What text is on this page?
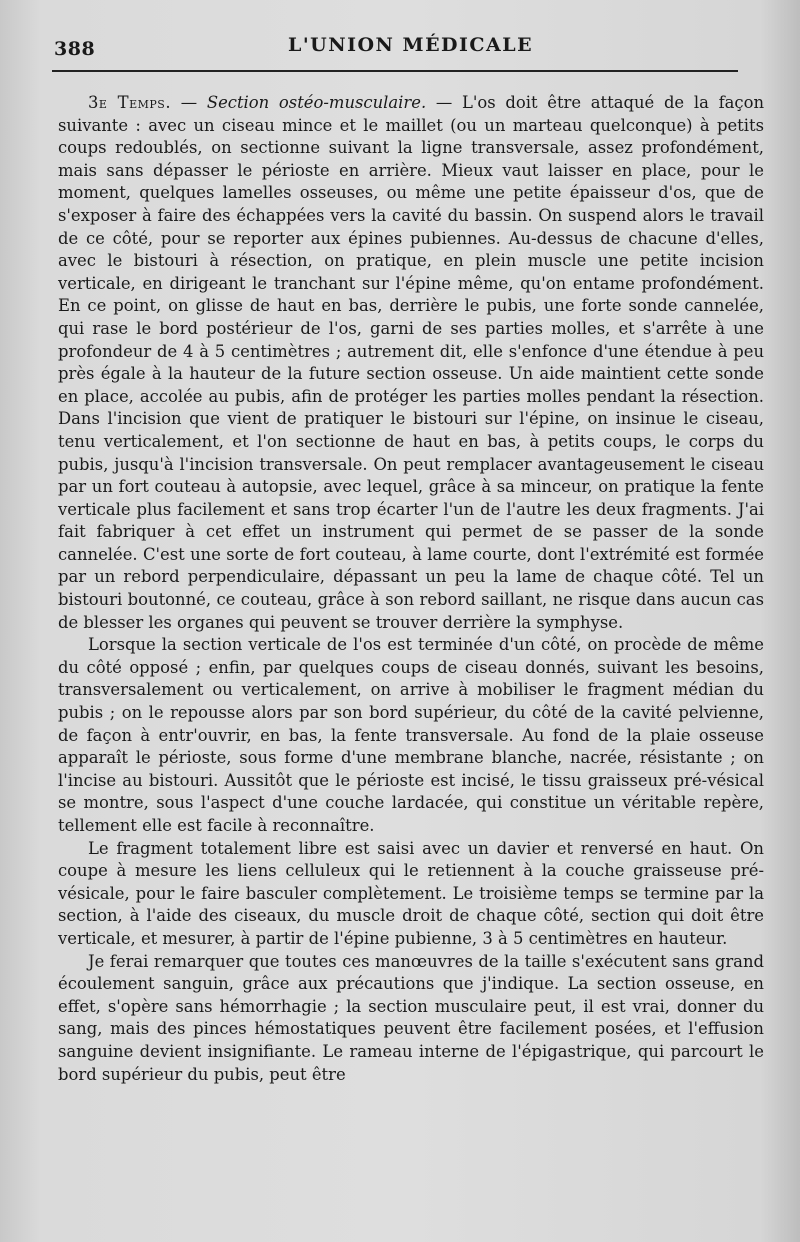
388	L'UNION MÉDICALE

3e Temps. — Section ostéo-musculaire. — L'os doit être attaqué de la façon suivante : avec un ciseau mince et le maillet (ou un marteau quelconque) à petits coups redoublés, on sectionne suivant la ligne transversale, assez profondément, mais sans dépasser le périoste en arrière. Mieux vaut laisser en place, pour le moment, quelques lamelles osseuses, ou même une petite épaisseur d'os, que de s'exposer à faire des échappées vers la cavité du bassin. On suspend alors le travail de ce côté, pour se reporter aux épines pubiennes. Au-dessus de chacune d'elles, avec le bistouri à résection, on pratique, en plein muscle une petite incision verticale, en dirigeant le tranchant sur l'épine même, qu'on entame profondément. En ce point, on glisse de haut en bas, derrière le pubis, une forte sonde cannelée, qui rase le bord postérieur de l'os, garni de ses parties molles, et s'arrête à une profondeur de 4 à 5 centimètres ; autrement dit, elle s'enfonce d'une étendue à peu près égale à la hauteur de la future section osseuse. Un aide maintient cette sonde en place, accolée au pubis, afin de protéger les parties molles pendant la résection. Dans l'incision que vient de pratiquer le bistouri sur l'épine, on insinue le ciseau, tenu verticalement, et l'on sectionne de haut en bas, à petits coups, le corps du pubis, jusqu'à l'incision transversale. On peut remplacer avantageusement le ciseau par un fort couteau à autopsie, avec lequel, grâce à sa minceur, on pratique la fente verticale plus facilement et sans trop écarter l'un de l'autre les deux fragments. J'ai fait fabriquer à cet effet un instrument qui permet de se passer de la sonde cannelée. C'est une sorte de fort couteau, à lame courte, dont l'extrémité est formée par un rebord perpendiculaire, dépassant un peu la lame de chaque côté. Tel un bistouri boutonné, ce couteau, grâce à son rebord saillant, ne risque dans aucun cas de blesser les organes qui peuvent se trouver derrière la symphyse.

Lorsque la section verticale de l'os est terminée d'un côté, on procède de même du côté opposé ; enfin, par quelques coups de ciseau donnés, suivant les besoins, transversalement ou verticalement, on arrive à mobiliser le fragment médian du pubis ; on le repousse alors par son bord supérieur, du côté de la cavité pelvienne, de façon à entr'ouvrir, en bas, la fente transversale. Au fond de la plaie osseuse apparaît le périoste, sous forme d'une membrane blanche, nacrée, résistante ; on l'incise au bistouri. Aussitôt que le périoste est incisé, le tissu graisseux pré-vésical se montre, sous l'aspect d'une couche lardacée, qui constitue un véritable repère, tellement elle est facile à reconnaître.

Le fragment totalement libre est saisi avec un davier et renversé en haut. On coupe à mesure les liens celluleux qui le retiennent à la couche graisseuse pré-vésicale, pour le faire basculer complètement. Le troisième temps se termine par la section, à l'aide des ciseaux, du muscle droit de chaque côté, section qui doit être verticale, et mesurer, à partir de l'épine pubienne, 3 à 5 centimètres en hauteur.

Je ferai remarquer que toutes ces manœuvres de la taille s'exécutent sans grand écoulement sanguin, grâce aux précautions que j'indique. La section osseuse, en effet, s'opère sans hémorrhagie ; la section musculaire peut, il est vrai, donner du sang, mais des pinces hémostatiques peuvent être facilement posées, et l'effusion sanguine devient insignifiante. Le rameau interne de l'épigastrique, qui parcourt le bord supérieur du pubis, peut être
